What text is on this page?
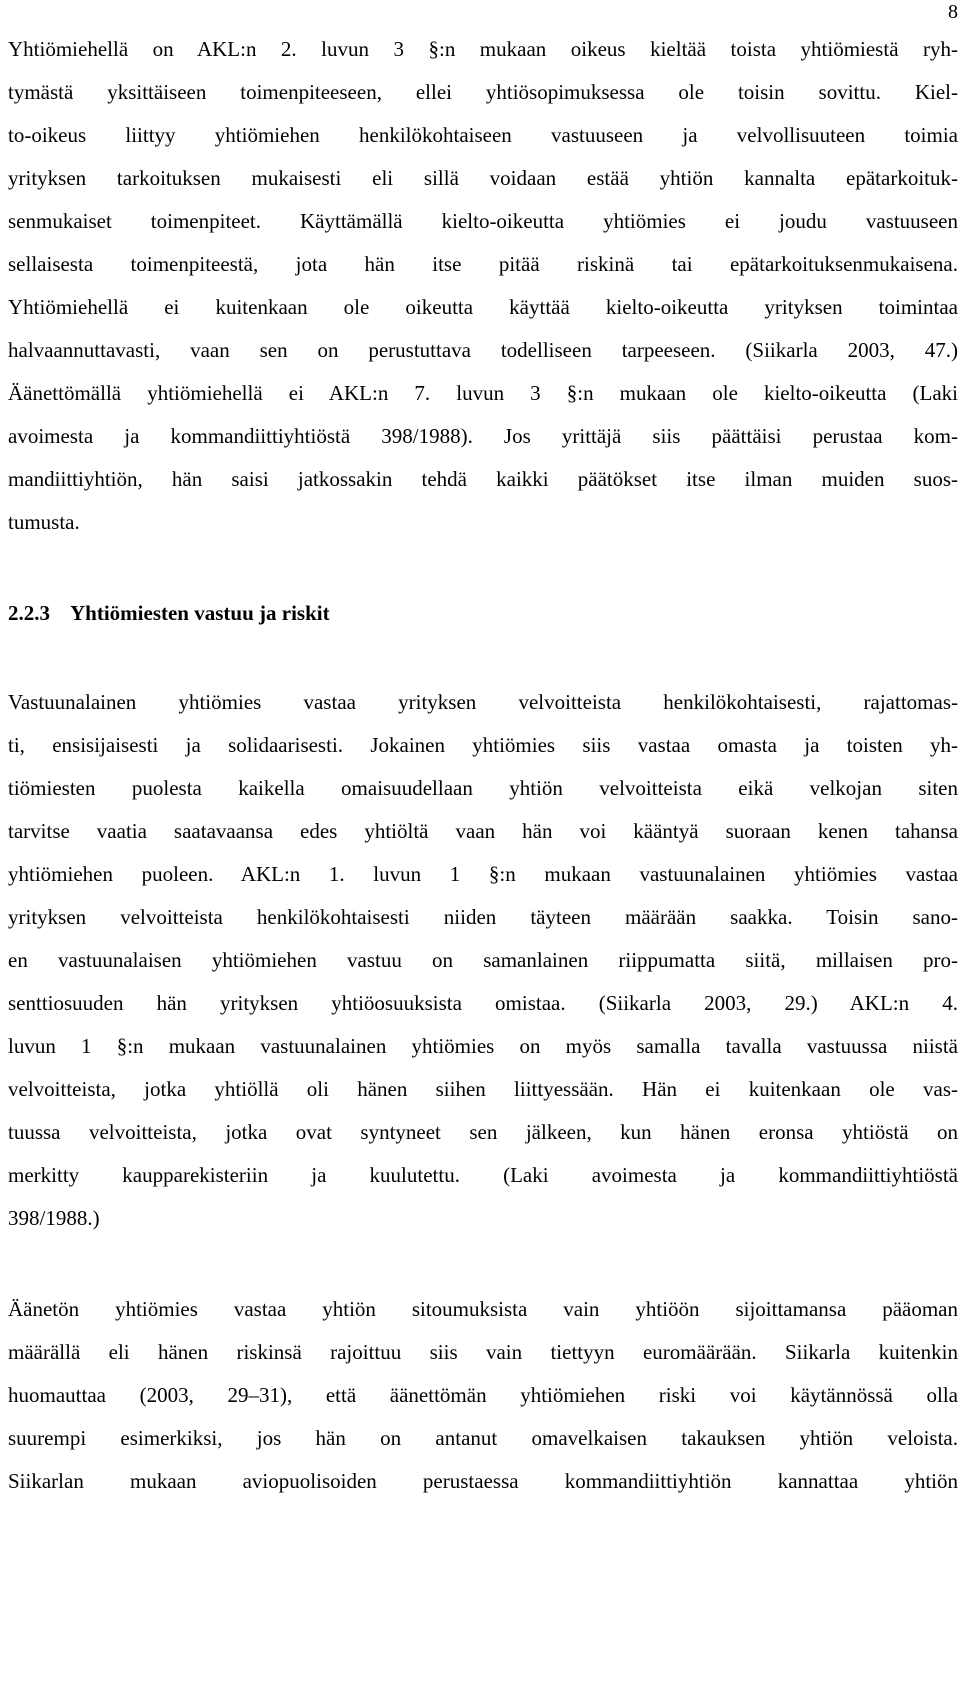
8

Yhtiömiehellä on AKL:n 2. luvun 3 §:n mukaan oikeus kieltää toista yhtiömiestä ryh-
tymästä yksittäiseen toimenpiteeseen, ellei yhtiösopimuksessa ole toisin sovittu. Kiel-
to-oikeus liittyy yhtiömiehen henkilökohtaiseen vastuuseen ja velvollisuuteen toimia
yrityksen tarkoituksen mukaisesti eli sillä voidaan estää yhtiön kannalta epätarkoituk-
senmukaiset toimenpiteet. Käyttämällä kielto-oikeutta yhtiömies ei joudu vastuuseen
sellaisesta toimenpiteestä, jota hän itse pitää riskinä tai epätarkoituksenmukaisena.
Yhtiömiehellä ei kuitenkaan ole oikeutta käyttää kielto-oikeutta yrityksen toimintaa
halvaannuttavasti, vaan sen on perustuttava todelliseen tarpeeseen. (Siikarla 2003, 47.)
Äänettömällä yhtiömiehellä ei AKL:n 7. luvun 3 §:n mukaan ole kielto-oikeutta (Laki
avoimesta ja kommandiittiyhtiöstä 398/1988). Jos yrittäjä siis päättäisi perustaa kom-
mandiittiyhtiön, hän saisi jatkossakin tehdä kaikki päätökset itse ilman muiden suos-
tumusta.

2.2.3 Yhtiömiesten vastuu ja riskit

Vastuunalainen yhtiömies vastaa yrityksen velvoitteista henkilökohtaisesti, rajattomas-
ti, ensisijaisesti ja solidaarisesti. Jokainen yhtiömies siis vastaa omasta ja toisten yh-
tiömiesten puolesta kaikella omaisuudellaan yhtiön velvoitteista eikä velkojan siten
tarvitse vaatia saatavaansa edes yhtiöltä vaan hän voi kääntyä suoraan kenen tahansa
yhtiömiehen puoleen. AKL:n 1. luvun 1 §:n mukaan vastuunalainen yhtiömies vastaa
yrityksen velvoitteista henkilökohtaisesti niiden täyteen määrään saakka. Toisin sano-
en vastuunalaisen yhtiömiehen vastuu on samanlainen riippumatta siitä, millaisen pro-
senttiosuuden hän yrityksen yhtiöosuuksista omistaa. (Siikarla 2003, 29.) AKL:n 4.
luvun 1 §:n mukaan vastuunalainen yhtiömies on myös samalla tavalla vastuussa niistä
velvoitteista, jotka yhtiöllä oli hänen siihen liittyessään. Hän ei kuitenkaan ole vas-
tuussa velvoitteista, jotka ovat syntyneet sen jälkeen, kun hänen eronsa yhtiöstä on
merkitty kaupparekisteriin ja kuulutettu. (Laki avoimesta ja kommandiittiyhtiöstä
398/1988.)

Äänetön yhtiömies vastaa yhtiön sitoumuksista vain yhtiöön sijoittamansa pääoman
määrällä eli hänen riskinsä rajoittuu siis vain tiettyyn euromäärään. Siikarla kuitenkin
huomauttaa (2003, 29–31), että äänettömän yhtiömiehen riski voi käytännössä olla
suurempi esimerkiksi, jos hän on antanut omavelkaisen takauksen yhtiön veloista.
Siikarlan mukaan aviopuolisoiden perustaessa kommandiittiyhtiön kannattaa yhtiön
